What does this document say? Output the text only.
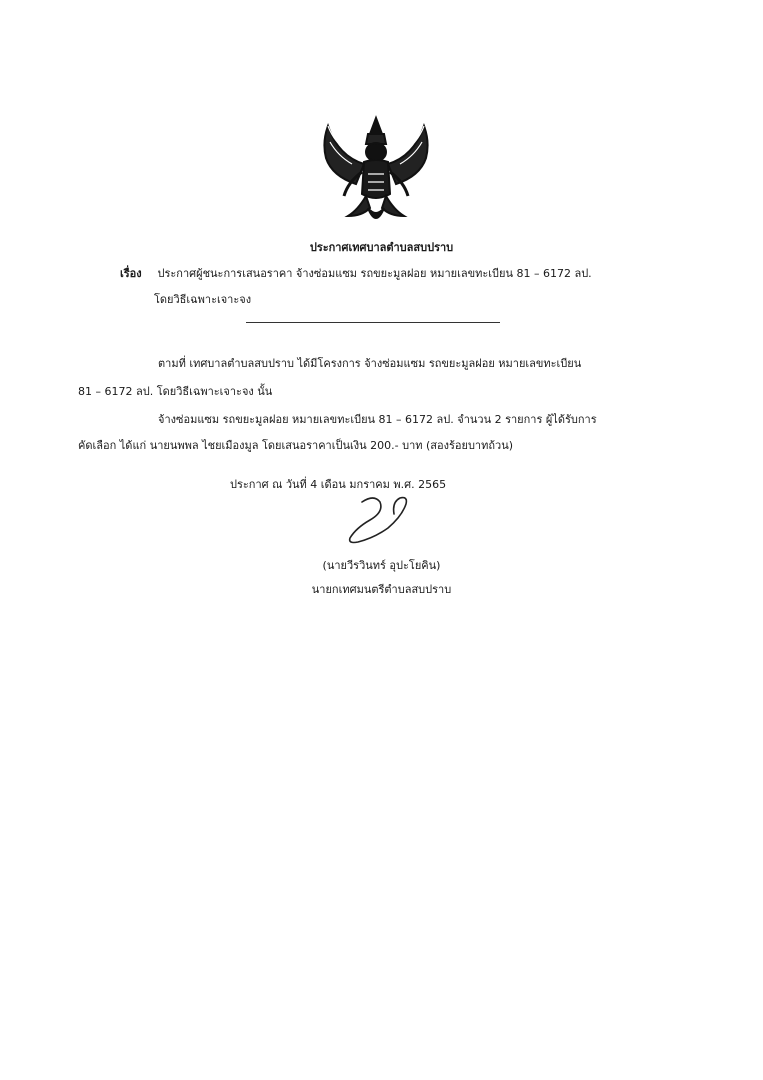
ประกาศเทศบาลตำบลสบปราบ
เรื่อง ประกาศผู้ชนะการเสนอราคา จ้างซ่อมแซม รถขยะมูลฝอย หมายเลขทะเบียน 81 – 6172 ลป.
โดยวิธีเฉพาะเจาะจง
ตามที่ เทศบาลตำบลสบปราบ ได้มีโครงการ จ้างซ่อมแซม รถขยะมูลฝอย หมายเลขทะเบียน
81 – 6172 ลป. โดยวิธีเฉพาะเจาะจง นั้น
จ้างซ่อมแซม รถขยะมูลฝอย หมายเลขทะเบียน 81 – 6172 ลป. จำนวน 2 รายการ ผู้ได้รับการ
คัดเลือก ได้แก่ นายนพพล ไชยเมืองมูล โดยเสนอราคาเป็นเงิน 200.- บาท (สองร้อยบาทถ้วน)
ประกาศ ณ วันที่ 4 เดือน มกราคม พ.ศ. 2565
(นายวีรวินทร์ อุปะโยคิน)
นายกเทศมนตรีตำบลสบปราบ
